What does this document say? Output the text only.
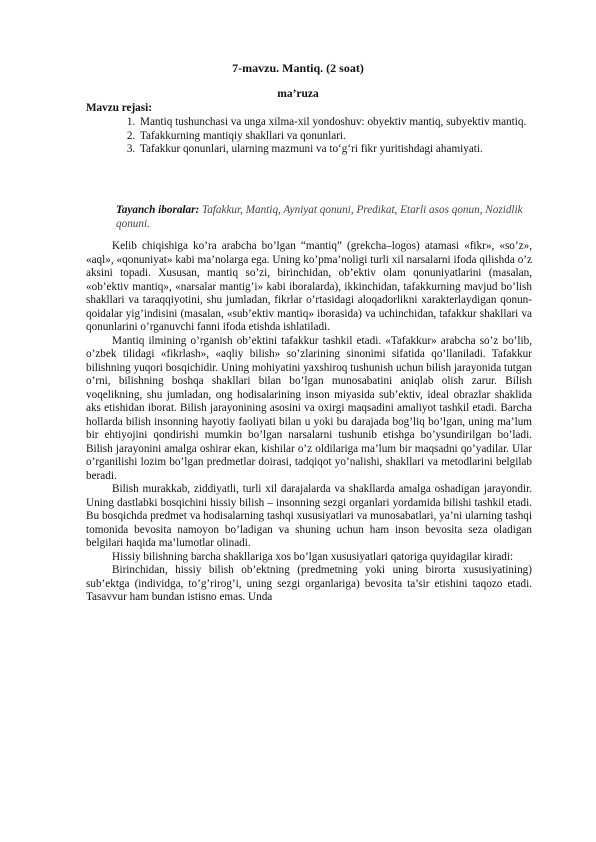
7-mavzu. Mantiq. (2 soat)
ma’ruza
Mavzu rejasi:
1. Mantiq tushunchasi va unga xilma-xil yondoshuv: obyektiv mantiq, subyektiv mantiq.
2. Tafakkurning mantiqiy shakllari va qonunlari.
3. Tafakkur qonunlari, ularning mazmuni va to‘g‘ri fikr yuritishdagi ahamiyati.
Tayanch iboralar: Tafakkur, Mantiq, Ayniyat qonuni, Predikat, Etarli asos qonun, Nozidlik qonuni.

Kelib chiqishiga ko’ra arabcha bo’lgan “mantiq” (grekcha–logos) atamasi «fikr», «so’z», «aql», «qonuniyat» kabi ma’nolarga ega. Uning ko’pma’noligi turli xil narsalarni ifoda qilishda o’z aksini topadi. Xususan, mantiq so’zi, birinchidan, ob’ektiv olam qonuniyatlarini (masalan, «ob’ektiv mantiq», «narsalar mantig’i» kabi iboralarda), ikkinchidan, tafakkurning mavjud bo’lish shakllari va taraqqiyotini, shu jumladan, fikrlar o’rtasidagi aloqadorlikni xarakterlaydigan qonun-qoidalar yig’indisini (masalan, «sub’ektiv mantiq» iborasida) va uchinchidan, tafakkur shakllari va qonunlarini o’rganuvchi fanni ifoda etishda ishlatiladi.

Mantiq ilmining o’rganish ob’ektini tafakkur tashkil etadi. «Tafakkur» arabcha so’z bo’lib, o’zbek tilidagi «fikrlash», «aqliy bilish» so’zlarining sinonimi sifatida qo’llaniladi. Tafakkur bilishning yuqori bosqichidir. Uning mohiyatini yaxshiroq tushunish uchun bilish jarayonida tutgan o’rni, bilishning boshqa shakllari bilan bo’lgan munosabatini aniqlab olish zarur. Bilish voqelikning, shu jumladan, ong hodisalarining inson miyasida sub’ektiv, ideal obrazlar shaklida aks etishidan iborat. Bilish jarayonining asosini va oxirgi maqsadini amaliyot tashkil etadi. Barcha hollarda bilish insonning hayotiy faoliyati bilan u yoki bu darajada bog’liq bo’lgan, uning ma’lum bir ehtiyojini qondirishi mumkin bo’lgan narsalarni tushunib etishga bo’ysundirilgan bo’ladi. Bilish jarayonini amalga oshirar ekan, kishilar o’z oldilariga ma’lum bir maqsadni qo’yadilar. Ular o’rganilishi lozim bo’lgan predmetlar doirasi, tadqiqot yo’nalishi, shakllari va metodlarini belgilab beradi.

Bilish murakkab, ziddiyatli, turli xil darajalarda va shakllarda amalga oshadigan jarayondir. Uning dastlabki bosqichini hissiy bilish – insonning sezgi organlari yordamida bilishi tashkil etadi. Bu bosqichda predmet va hodisalarning tashqi xususiyatlari va munosabatlari, ya’ni ularning tashqi tomonida bevosita namoyon bo’ladigan va shuning uchun ham inson bevosita seza oladigan belgilari haqida ma’lumotlar olinadi.

Hissiy bilishning barcha shakllariga xos bo’lgan xususiyatlari qatoriga quyidagilar kiradi:

Birinchidan, hissiy bilish ob’ektning (predmetning yoki uning birorta xususiyatining) sub’ektga (individga, to’g’rirog’i, uning sezgi organlariga) bevosita ta’sir etishini taqozo etadi. Tasavvur ham bundan istisno emas. Unda
